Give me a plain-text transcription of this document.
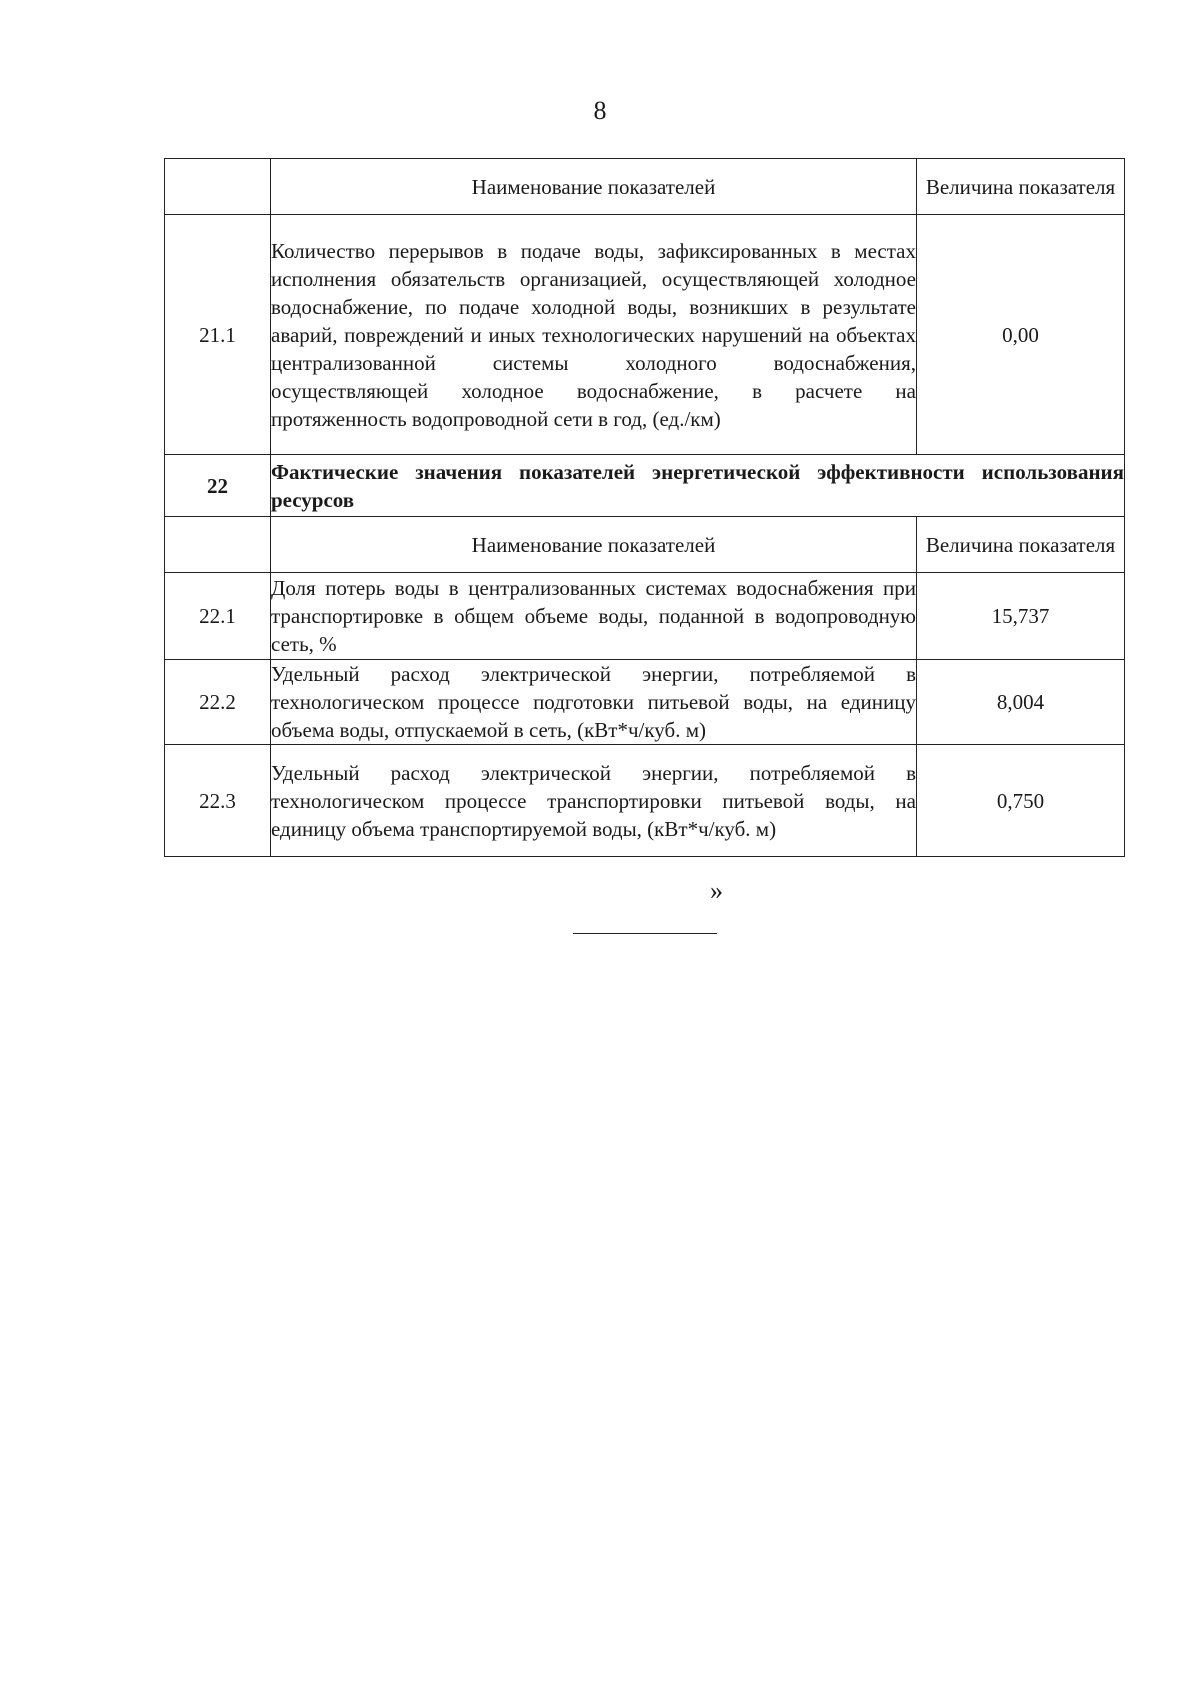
8
	Наименование показателей	Величина показателя
21.1	Количество перерывов в подаче воды, зафиксированных в местах исполнения обязательств организацией, осуществляющей холодное водоснабжение, по подаче холодной воды, возникших в результате аварий, повреждений и иных технологических нарушений на объектах централизованной системы холодного водоснабжения, осуществляющей холодное водоснабжение, в расчете на протяженность водопроводной сети в год, (ед./км)	0,00
22	Фактические значения показателей энергетической эффективности использования ресурсов	
	Наименование показателей	Величина показателя
22.1	Доля потерь воды в централизованных системах водоснабжения при транспортировке в общем объеме воды, поданной в водопроводную сеть, %	15,737
22.2	Удельный расход электрической энергии, потребляемой в технологическом процессе подготовки питьевой воды, на единицу объема воды, отпускаемой в сеть, (кВт*ч/куб. м)	8,004
22.3	Удельный расход электрической энергии, потребляемой в технологическом процессе транспортировки питьевой воды, на единицу объема транспортируемой воды, (кВт*ч/куб. м)	0,750
»
